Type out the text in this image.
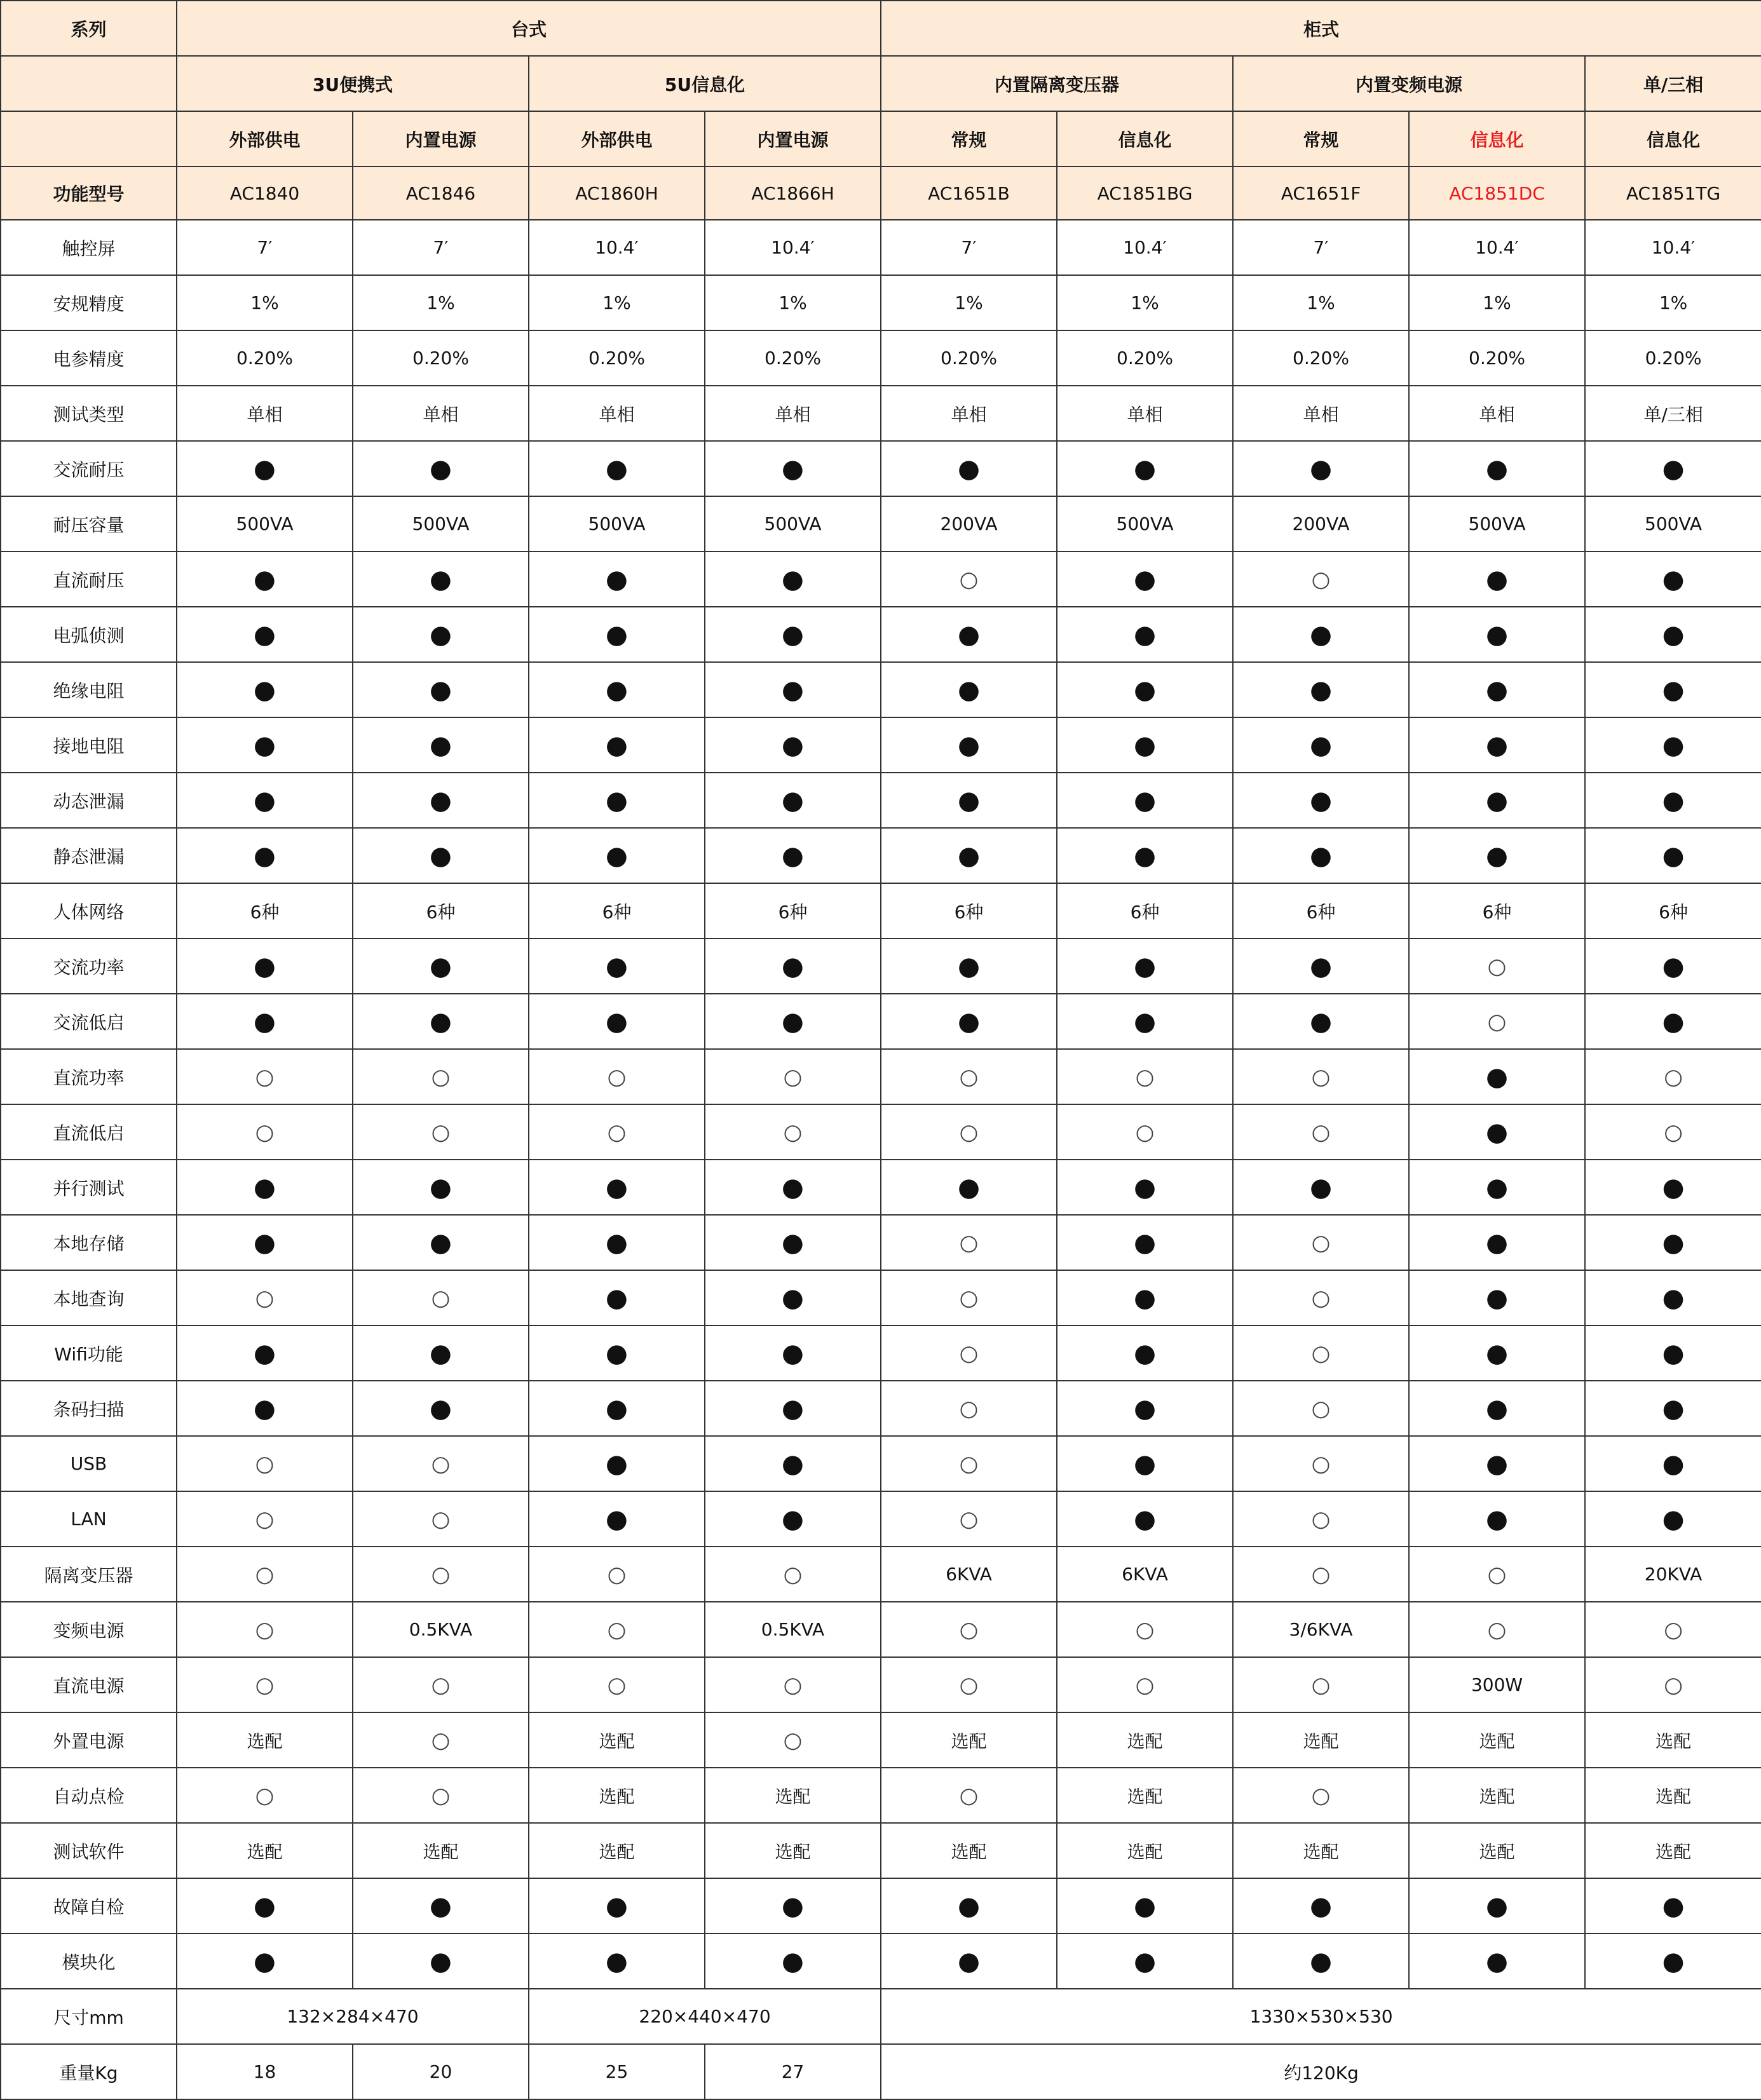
系列	台式				柜式				
	3U便携式		5U信息化		内置隔离变压器		内置变频电源		单/三相
	外部供电	内置电源	外部供电	内置电源	常规	信息化	常规	信息化	信息化
功能型号	AC1840	AC1846	AC1860H	AC1866H	AC1651B	AC1851BG	AC1651F	AC1851DC	AC1851TG
触控屏	7′	7′	10.4′	10.4′	7′	10.4′	7′	10.4′	10.4′
安规精度	1%	1%	1%	1%	1%	1%	1%	1%	1%
电参精度	0.20%	0.20%	0.20%	0.20%	0.20%	0.20%	0.20%	0.20%	0.20%
测试类型	单相	单相	单相	单相	单相	单相	单相	单相	单/三相
交流耐压	●	●	●	●	●	●	●	●	●
耐压容量	500VA	500VA	500VA	500VA	200VA	500VA	200VA	500VA	500VA
直流耐压	●	●	●	●	○	●	○	●	●
电弧侦测	●	●	●	●	●	●	●	●	●
绝缘电阻	●	●	●	●	●	●	●	●	●
接地电阻	●	●	●	●	●	●	●	●	●
动态泄漏	●	●	●	●	●	●	●	●	●
静态泄漏	●	●	●	●	●	●	●	●	●
人体网络	6种	6种	6种	6种	6种	6种	6种	6种	6种
交流功率	●	●	●	●	●	●	●	○	●
交流低启	●	●	●	●	●	●	●	○	●
直流功率	○	○	○	○	○	○	○	●	○
直流低启	○	○	○	○	○	○	○	●	○
并行测试	●	●	●	●	●	●	●	●	●
本地存储	●	●	●	●	○	●	○	●	●
本地查询	○	○	●	●	○	●	○	●	●
Wifi功能	●	●	●	●	○	●	○	●	●
条码扫描	●	●	●	●	○	●	○	●	●
USB	○	○	●	●	○	●	○	●	●
LAN	○	○	●	●	○	●	○	●	●
隔离变压器	○	○	○	○	6KVA	6KVA	○	○	20KVA
变频电源	○	0.5KVA	○	0.5KVA	○	○	3/6KVA	○	○
直流电源	○	○	○	○	○	○	○	300W	○
外置电源	选配	○	选配	○	选配	选配	选配	选配	选配
自动点检	○	○	选配	选配	○	选配	○	选配	选配
测试软件	选配	选配	选配	选配	选配	选配	选配	选配	选配
故障自检	●	●	●	●	●	●	●	●	●
模块化	●	●	●	●	●	●	●	●	●
尺寸mm	132×284×470		220×440×470		1330×530×530				
重量Kg	18	20	25	27	约120Kg				
